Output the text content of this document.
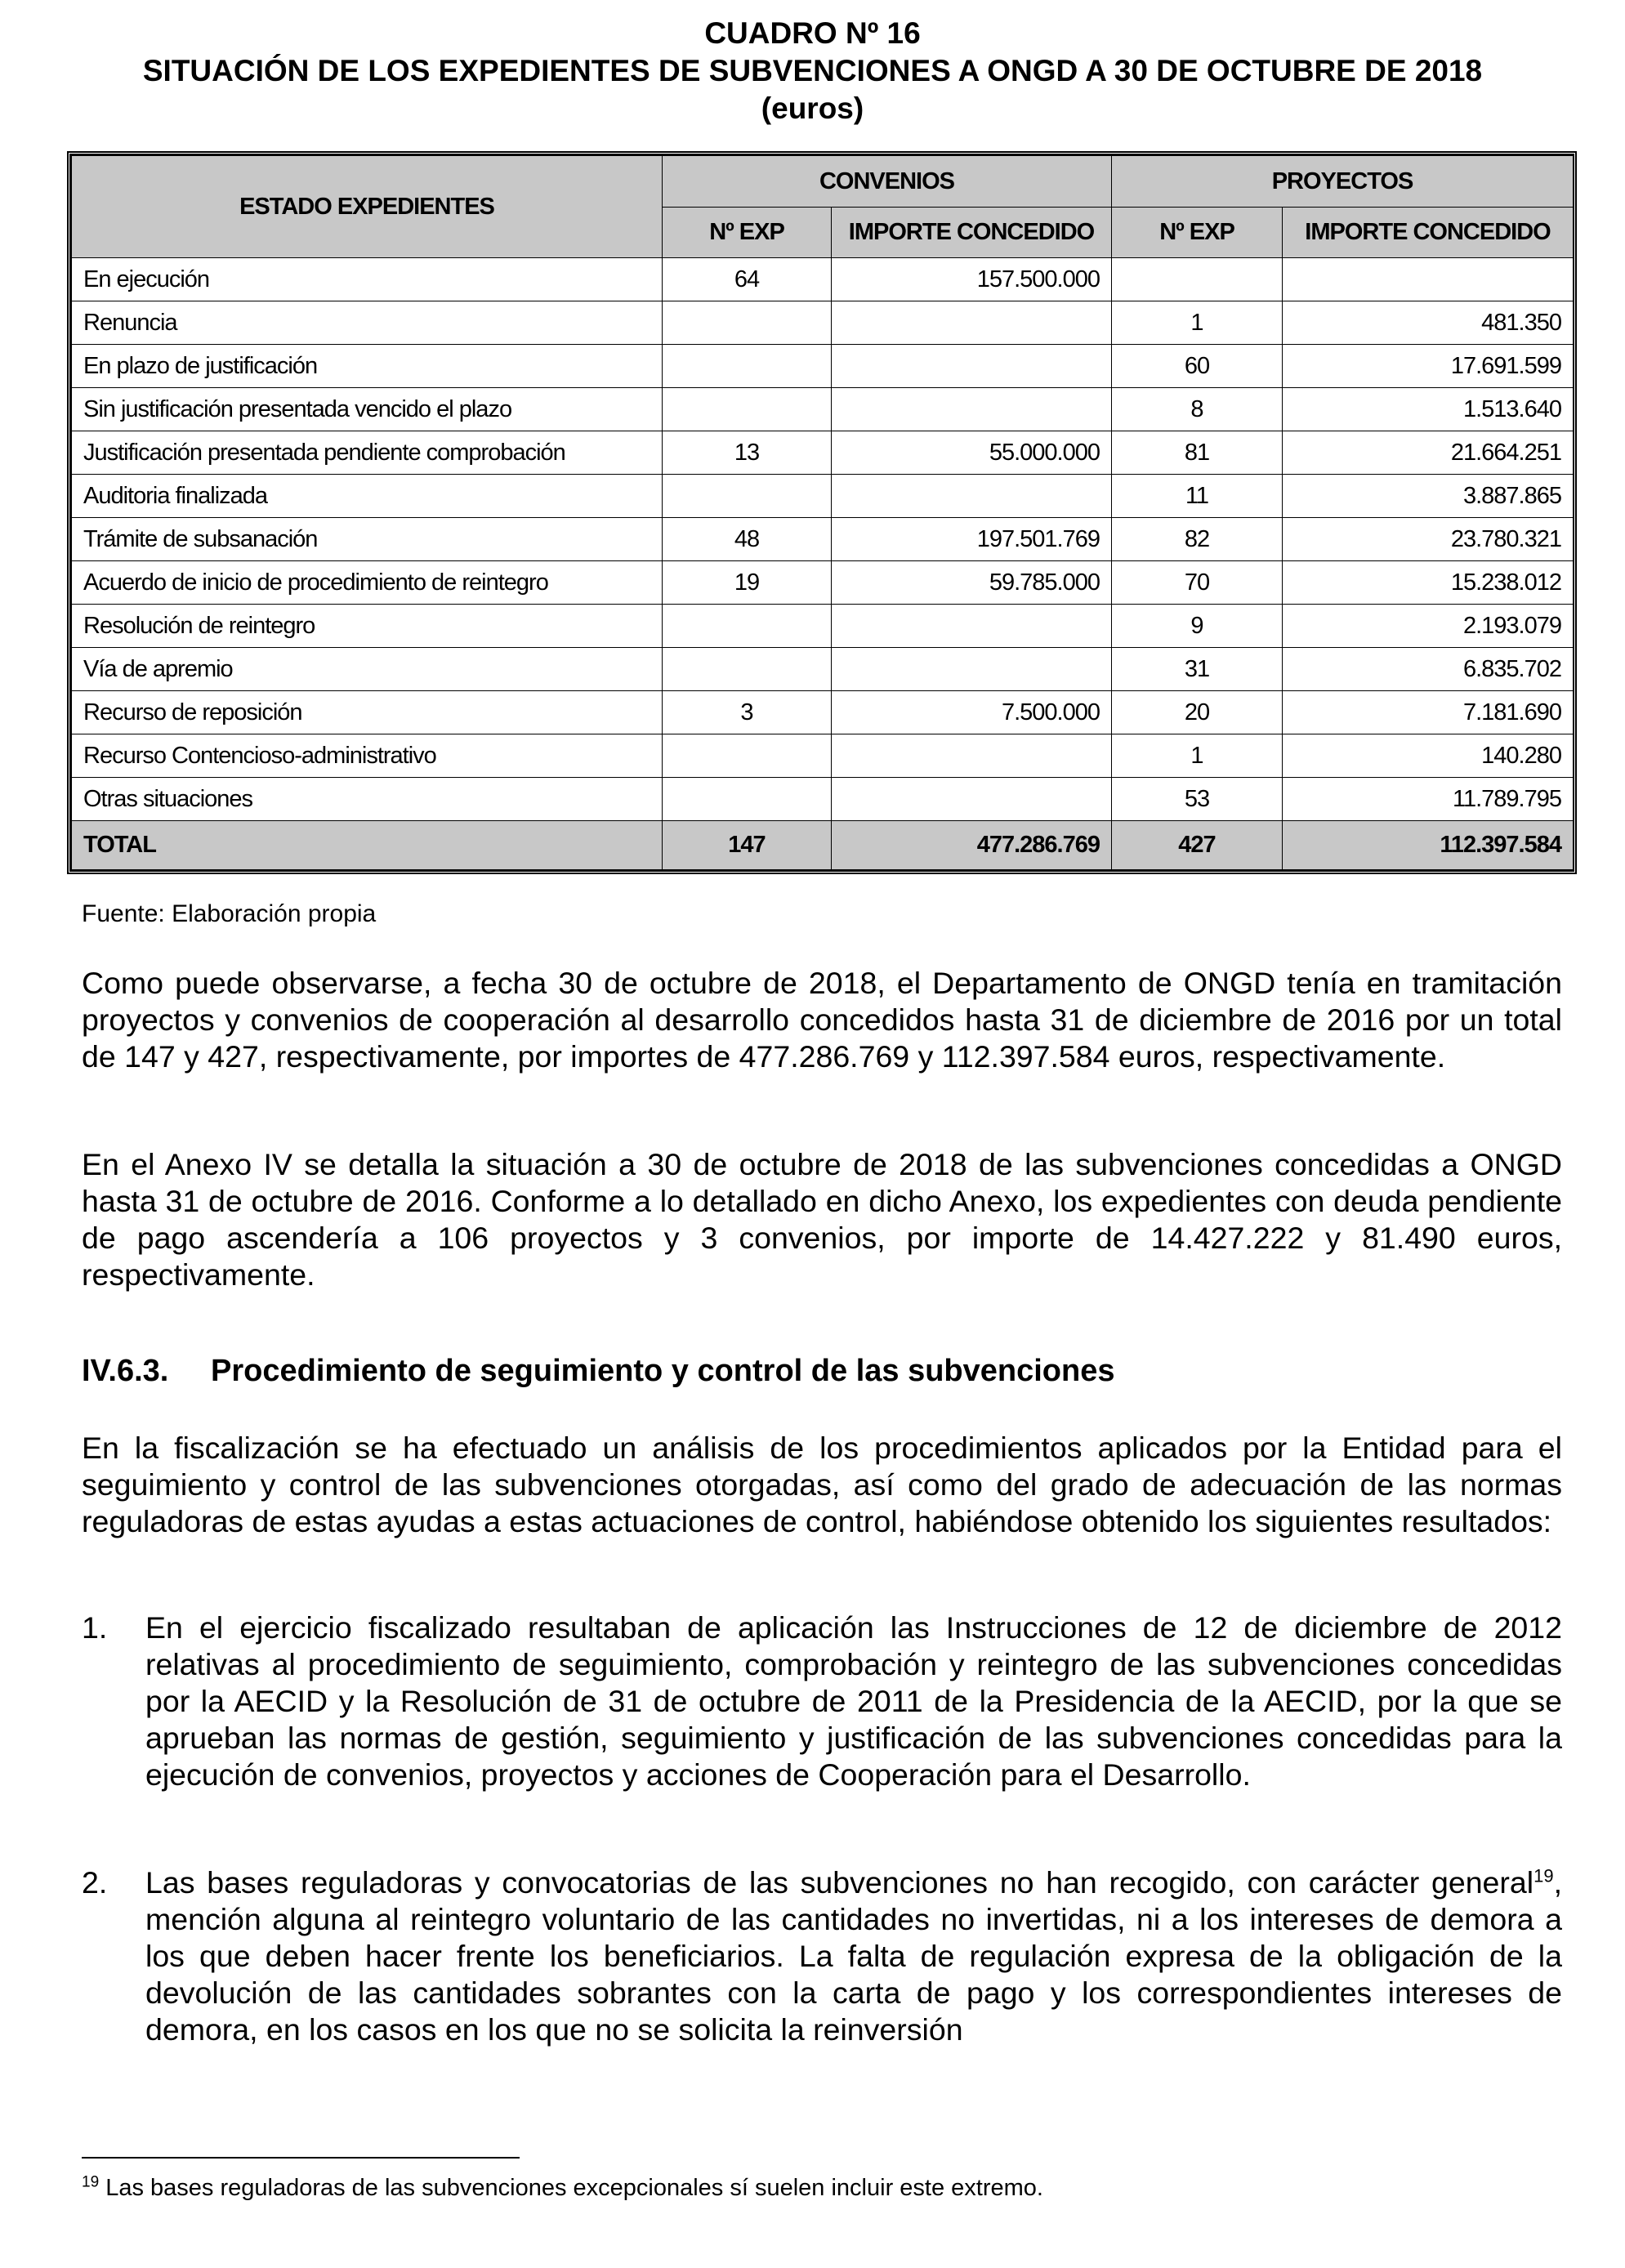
CUADRO Nº 16
SITUACIÓN DE LOS EXPEDIENTES DE SUBVENCIONES A ONGD A 30 DE OCTUBRE DE 2018
(euros)
ESTADO EXPEDIENTES	CONVENIOS		PROYECTOS	
	Nº EXP	IMPORTE CONCEDIDO	Nº EXP	IMPORTE CONCEDIDO
En ejecución	64	157.500.000		
Renuncia			1	481.350
En plazo de justificación			60	17.691.599
Sin justificación presentada vencido el plazo			8	1.513.640
Justificación presentada pendiente comprobación	13	55.000.000	81	21.664.251
Auditoria finalizada			11	3.887.865
Trámite de subsanación	48	197.501.769	82	23.780.321
Acuerdo de inicio de procedimiento de reintegro	19	59.785.000	70	15.238.012
Resolución de reintegro			9	2.193.079
Vía de apremio			31	6.835.702
Recurso de reposición	3	7.500.000	20	7.181.690
Recurso Contencioso-administrativo			1	140.280
Otras situaciones			53	11.789.795
TOTAL	147	477.286.769	427	112.397.584
Fuente: Elaboración propia
Como puede observarse, a fecha 30 de octubre de 2018, el Departamento de ONGD tenía en tramitación proyectos y convenios de cooperación al desarrollo concedidos hasta 31 de diciembre de 2016 por un total de 147 y 427, respectivamente, por importes de 477.286.769 y 112.397.584 euros, respectivamente.
En el Anexo IV se detalla la situación a 30 de octubre de 2018 de las subvenciones concedidas a ONGD hasta 31 de octubre de 2016. Conforme a lo detallado en dicho Anexo, los expedientes con deuda pendiente de pago ascendería a 106 proyectos y 3 convenios, por importe de 14.427.222 y 81.490 euros, respectivamente.
IV.6.3. Procedimiento de seguimiento y control de las subvenciones
En la fiscalización se ha efectuado un análisis de los procedimientos aplicados por la Entidad para el seguimiento y control de las subvenciones otorgadas, así como del grado de adecuación de las normas reguladoras de estas ayudas a estas actuaciones de control, habiéndose obtenido los siguientes resultados:
1. En el ejercicio fiscalizado resultaban de aplicación las Instrucciones de 12 de diciembre de 2012 relativas al procedimiento de seguimiento, comprobación y reintegro de las subvenciones concedidas por la AECID y la Resolución de 31 de octubre de 2011 de la Presidencia de la AECID, por la que se aprueban las normas de gestión, seguimiento y justificación de las subvenciones concedidas para la ejecución de convenios, proyectos y acciones de Cooperación para el Desarrollo.
2. Las bases reguladoras y convocatorias de las subvenciones no han recogido, con carácter general$^{19}$, mención alguna al reintegro voluntario de las cantidades no invertidas, ni a los intereses de demora a los que deben hacer frente los beneficiarios. La falta de regulación expresa de la obligación de la devolución de las cantidades sobrantes con la carta de pago y los correspondientes intereses de demora, en los casos en los que no se solicita la reinversión
$^{19}$ Las bases reguladoras de las subvenciones excepcionales sí suelen incluir este extremo.
